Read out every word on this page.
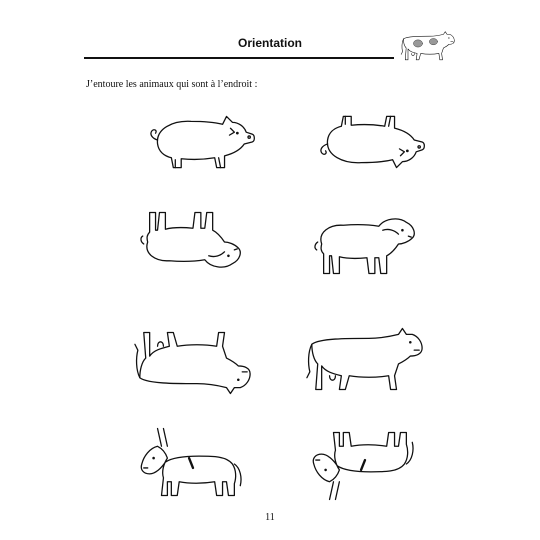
Orientation
J’entoure les animaux qui sont à l’endroit :
11
